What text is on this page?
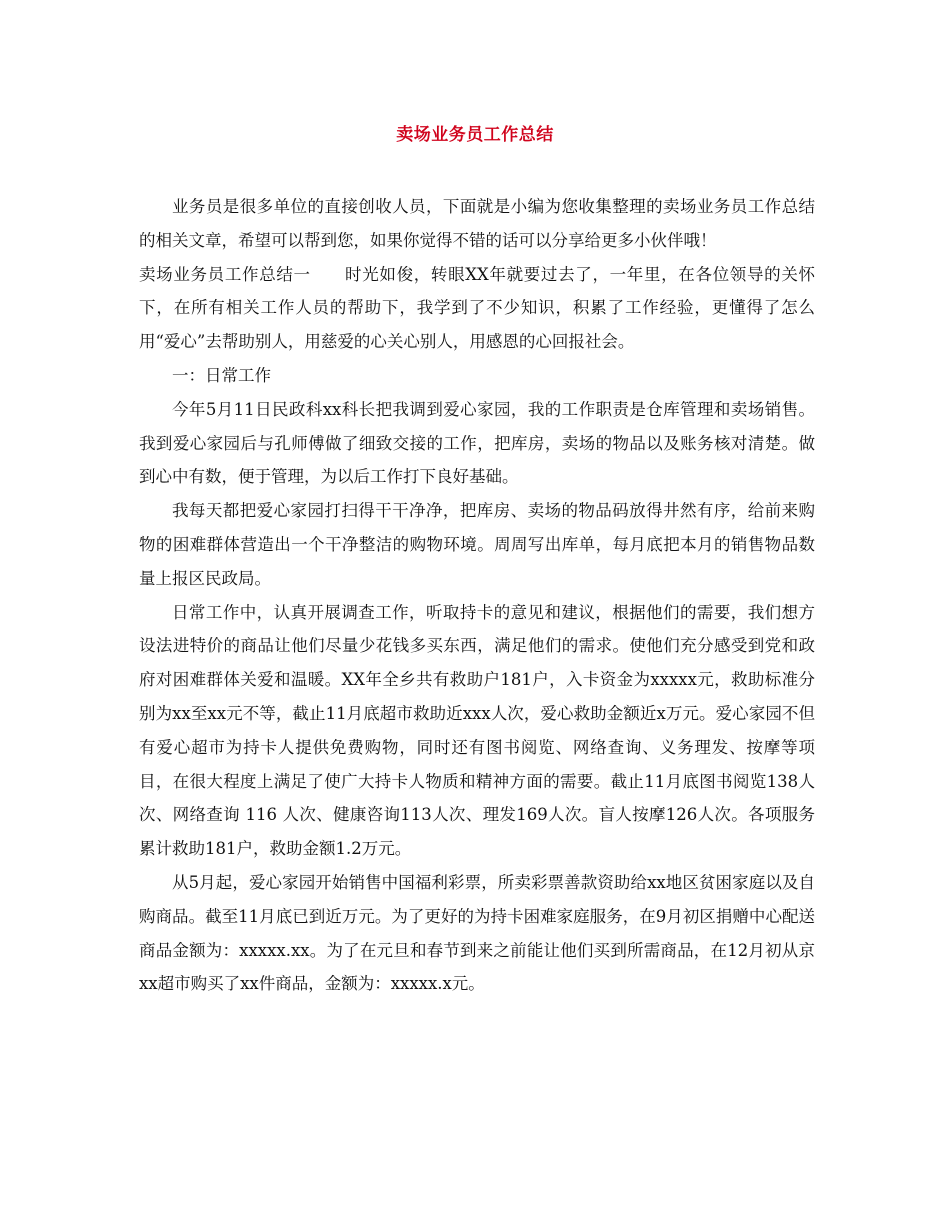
卖场业务员工作总结

业务员是很多单位的直接创收人员，下面就是小编为您收集整理的卖场业务员工作总结的相关文章，希望可以帮到您，如果你觉得不错的话可以分享给更多小伙伴哦！

卖场业务员工作总结一　　时光如俊，转眼XX年就要过去了，一年里，在各位领导的关怀下，在所有相关工作人员的帮助下，我学到了不少知识，积累了工作经验，更懂得了怎么用“爱心”去帮助别人，用慈爱的心关心别人，用感恩的心回报社会。

一：日常工作

今年5月11日民政科xx科长把我调到爱心家园，我的工作职责是仓库管理和卖场销售。我到爱心家园后与孔师傅做了细致交接的工作，把库房，卖场的物品以及账务核对清楚。做到心中有数，便于管理，为以后工作打下良好基础。

我每天都把爱心家园打扫得干干净净，把库房、卖场的物品码放得井然有序，给前来购物的困难群体营造出一个干净整洁的购物环境。周周写出库单，每月底把本月的销售物品数量上报区民政局。

日常工作中，认真开展调查工作，听取持卡的意见和建议，根据他们的需要，我们想方设法进特价的商品让他们尽量少花钱多买东西，满足他们的需求。使他们充分感受到党和政府对困难群体关爱和温暖。XX年全乡共有救助户181户，入卡资金为xxxxx元，救助标准分别为xx至xx元不等，截止11月底超市救助近xxx人次，爱心救助金额近x万元。爱心家园不但有爱心超市为持卡人提供免费购物，同时还有图书阅览、网络查询、义务理发、按摩等项目，在很大程度上满足了使广大持卡人物质和精神方面的需要。截止11月底图书阅览138人次、网络查询 116 人次、健康咨询113人次、理发169人次。盲人按摩126人次。各项服务累计救助181户，救助金额1.2万元。

从5月起，爱心家园开始销售中国福利彩票，所卖彩票善款资助给xx地区贫困家庭以及自购商品。截至11月底已到近万元。为了更好的为持卡困难家庭服务，在9月初区捐赠中心配送商品金额为：xxxxx.xx。为了在元旦和春节到来之前能让他们买到所需商品，在12月初从京xx超市购买了xx件商品，金额为：xxxxx.x元。
